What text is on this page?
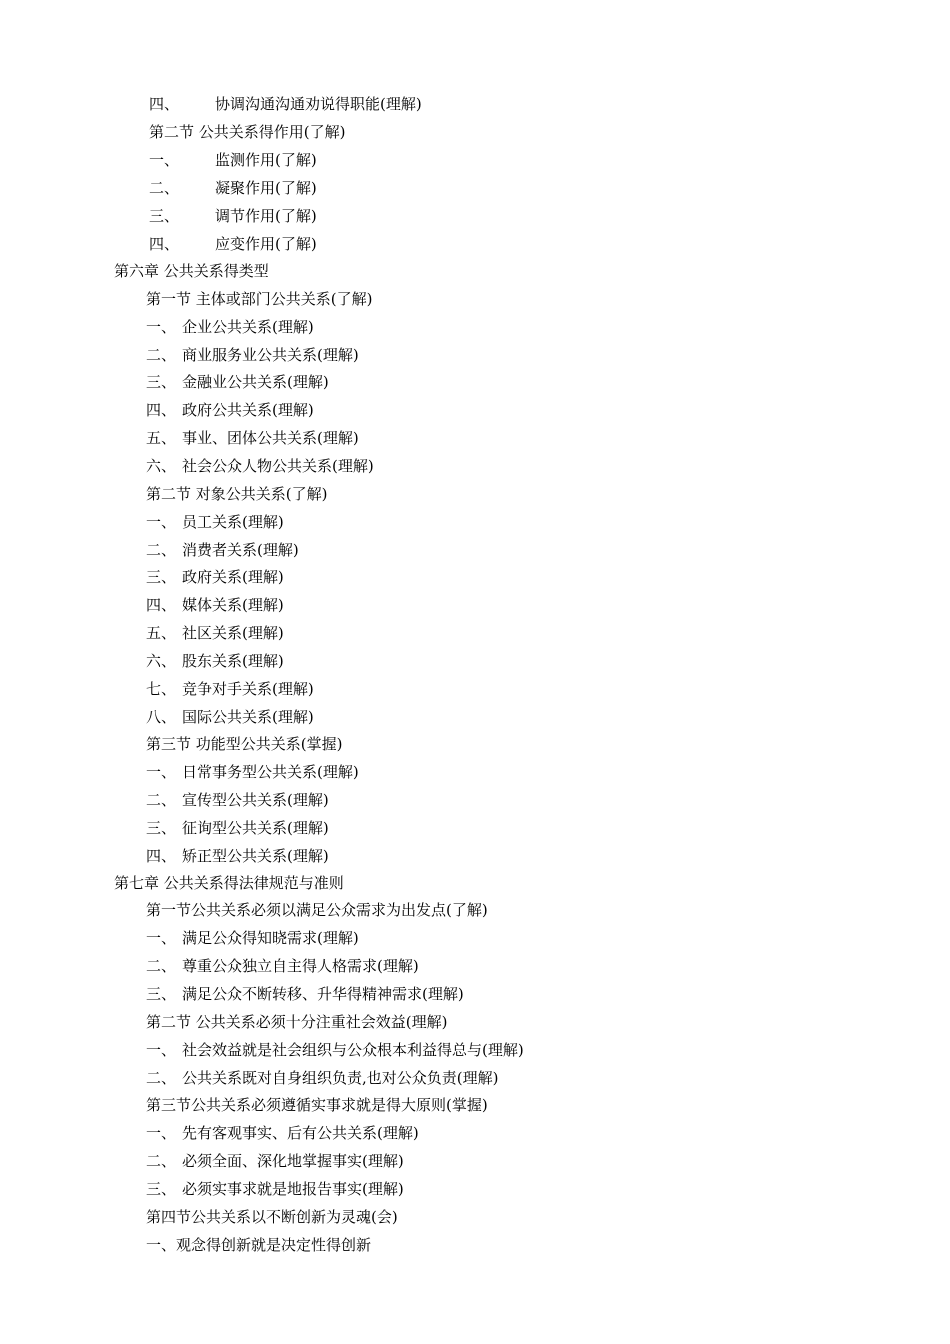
四、 协调沟通沟通劝说得职能(理解)
第二节 公共关系得作用(了解)
一、 监测作用(了解)
二、 凝聚作用(了解)
三、 调节作用(了解)
四、 应变作用(了解)
第六章 公共关系得类型
第一节 主体或部门公共关系(了解)
一、 企业公共关系(理解)
二、 商业服务业公共关系(理解)
三、 金融业公共关系(理解)
四、 政府公共关系(理解)
五、 事业、团体公共关系(理解)
六、 社会公众人物公共关系(理解)
第二节 对象公共关系(了解)
一、 员工关系(理解)
二、 消费者关系(理解)
三、 政府关系(理解)
四、 媒体关系(理解)
五、 社区关系(理解)
六、 股东关系(理解)
七、 竞争对手关系(理解)
八、 国际公共关系(理解)
第三节 功能型公共关系(掌握)
一、 日常事务型公共关系(理解)
二、 宣传型公共关系(理解)
三、 征询型公共关系(理解)
四、 矫正型公共关系(理解)
第七章 公共关系得法律规范与准则
第一节公共关系必须以满足公众需求为出发点(了解)
一、 满足公众得知晓需求(理解)
二、 尊重公众独立自主得人格需求(理解)
三、 满足公众不断转移、升华得精神需求(理解)
第二节 公共关系必须十分注重社会效益(理解)
一、 社会效益就是社会组织与公众根本利益得总与(理解)
二、 公共关系既对自身组织负责,也对公众负责(理解)
第三节公共关系必须遵循实事求就是得大原则(掌握)
一、 先有客观事实、后有公共关系(理解)
二、 必须全面、深化地掌握事实(理解)
三、 必须实事求就是地报告事实(理解)
第四节公共关系以不断创新为灵魂(会)
一、观念得创新就是决定性得创新
